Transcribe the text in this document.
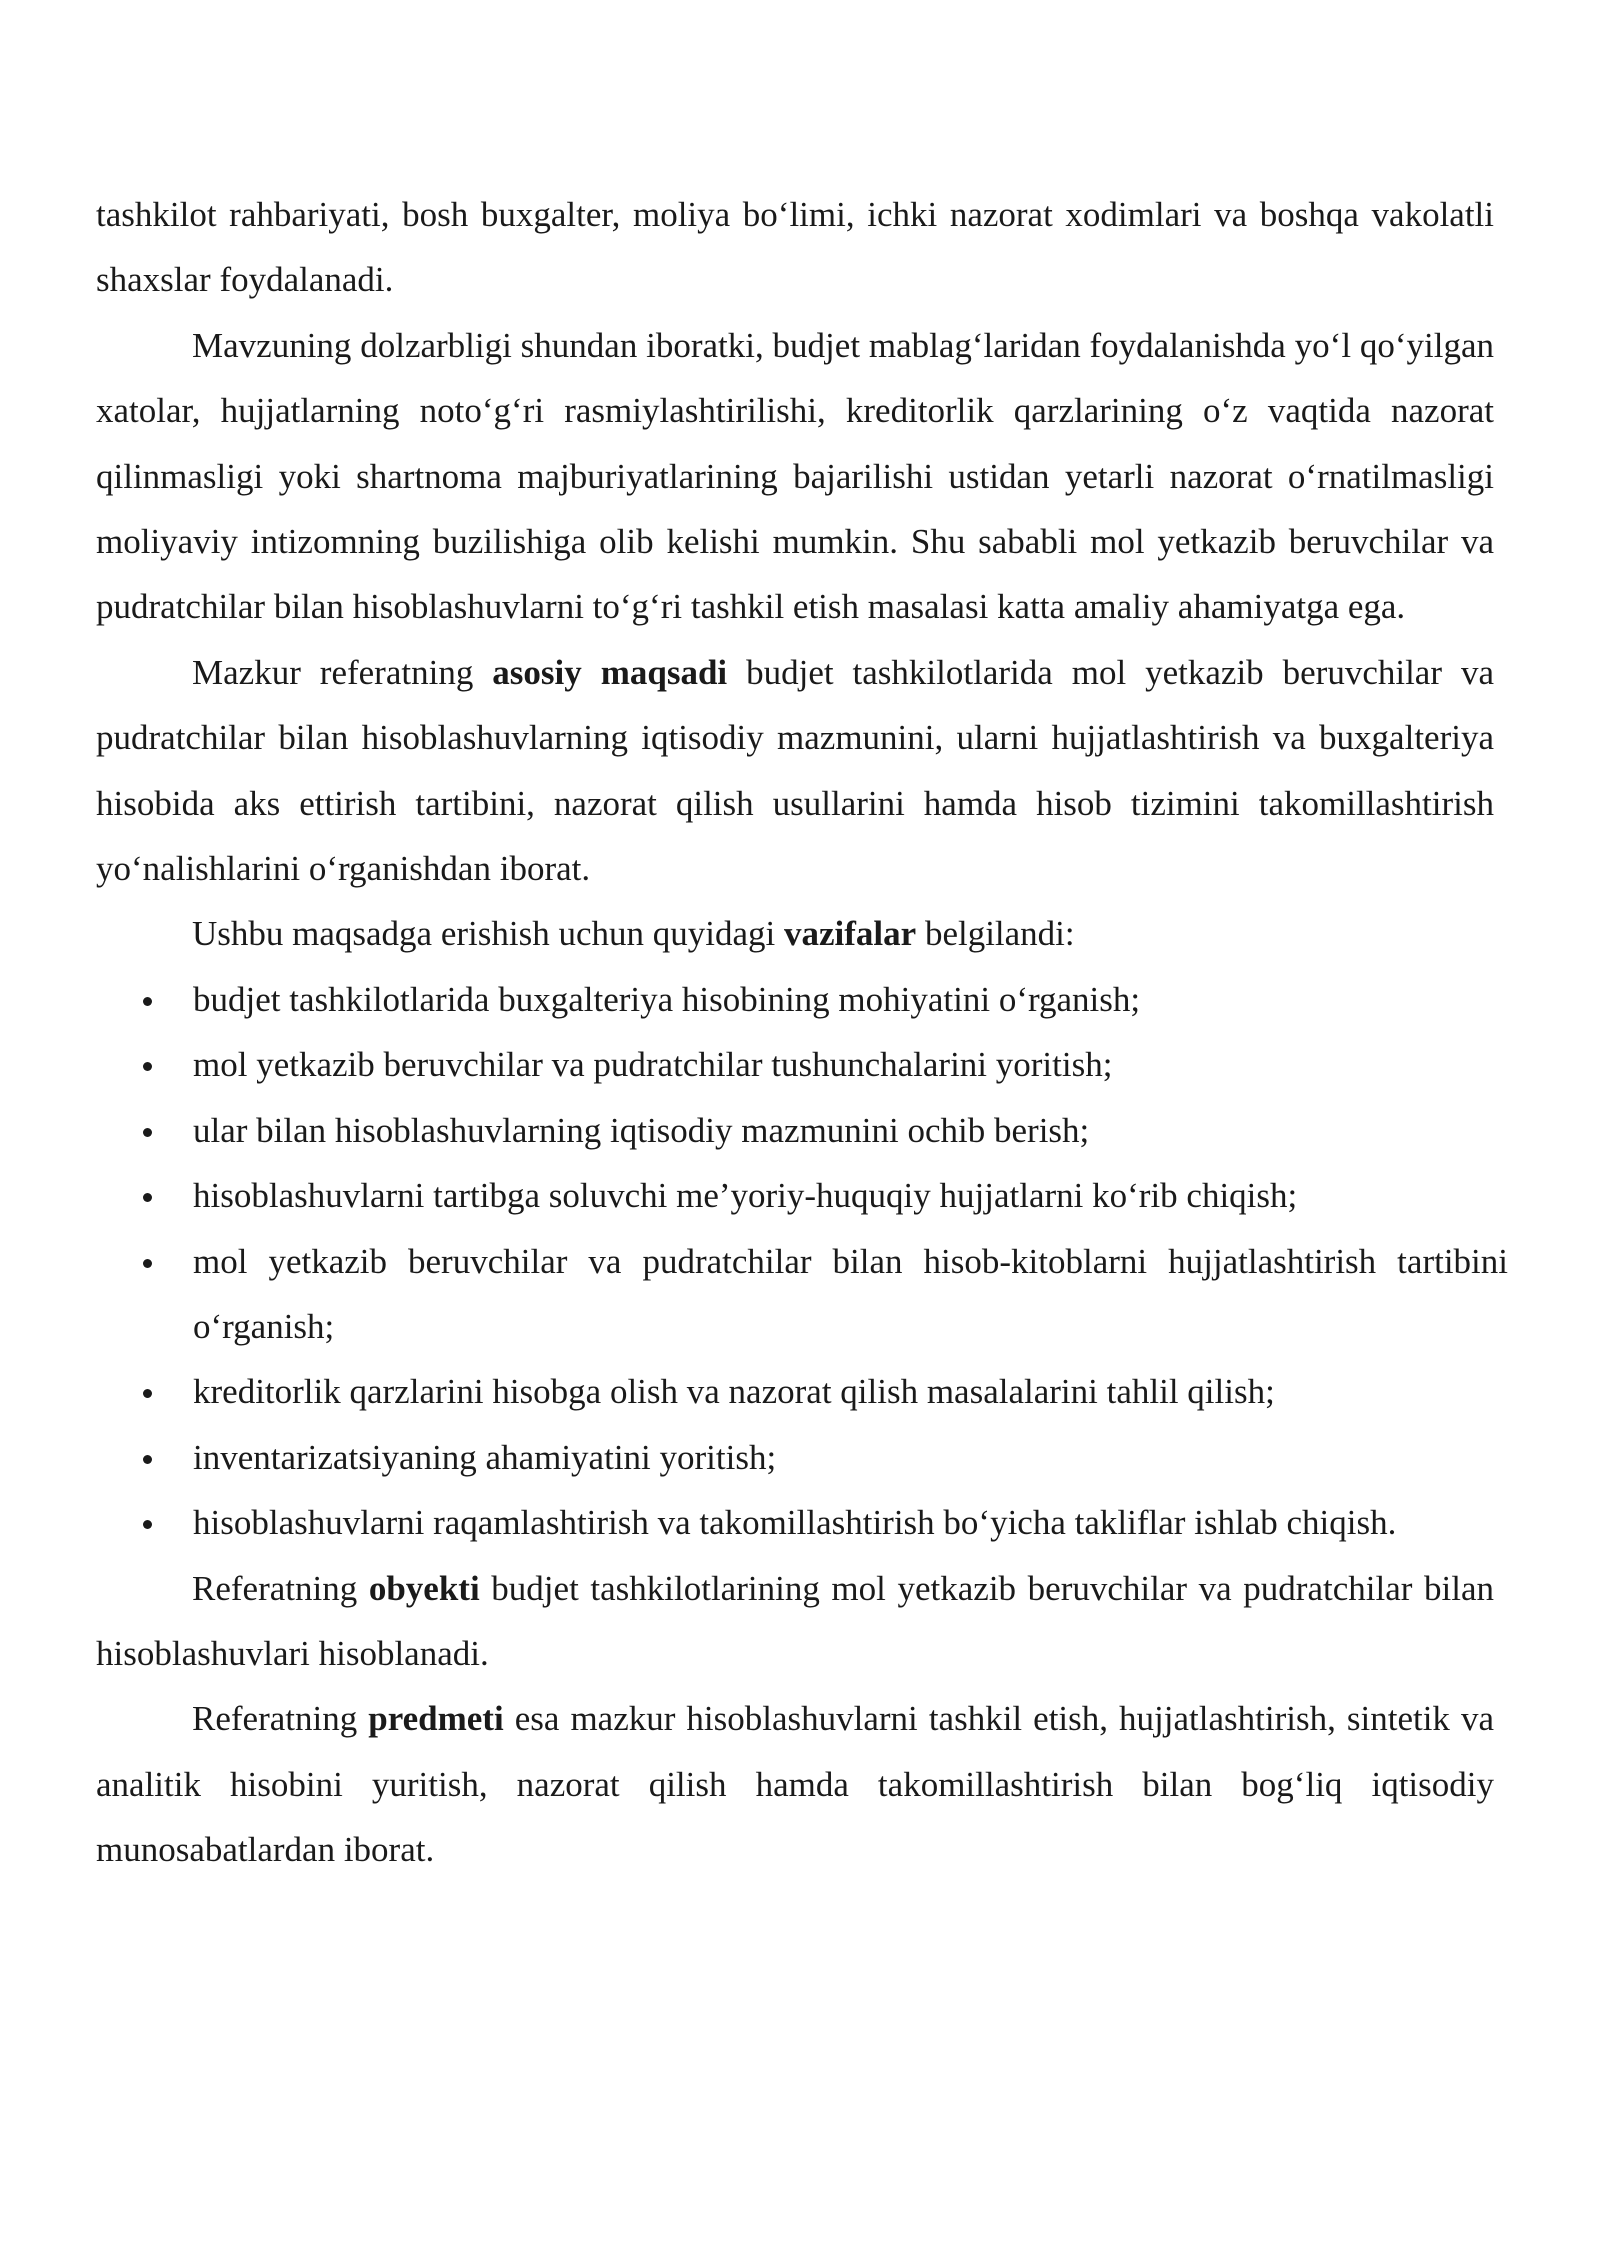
tashkilot rahbariyati, bosh buxgalter, moliya bo‘limi, ichki nazorat xodimlari va boshqa vakolatli shaxslar foydalanadi.

Mavzuning dolzarbligi shundan iboratki, budjet mablag‘laridan foydalanishda yo‘l qo‘yilgan xatolar, hujjatlarning noto‘g‘ri rasmiylashtirilishi, kreditorlik qarzlarining o‘z vaqtida nazorat qilinmasligi yoki shartnoma majburiyatlarining bajarilishi ustidan yetarli nazorat o‘rnatilmasligi moliyaviy intizomning buzilishiga olib kelishi mumkin. Shu sababli mol yetkazib beruvchilar va pudratchilar bilan hisoblashuvlarni to‘g‘ri tashkil etish masalasi katta amaliy ahamiyatga ega.

Mazkur referatning asosiy maqsadi budjet tashkilotlarida mol yetkazib beruvchilar va pudratchilar bilan hisoblashuvlarning iqtisodiy mazmunini, ularni hujjatlashtirish va buxgalteriya hisobida aks ettirish tartibini, nazorat qilish usullarini hamda hisob tizimini takomillashtirish yo‘nalishlarini o‘rganishdan iborat.

Ushbu maqsadga erishish uchun quyidagi vazifalar belgilandi:

budjet tashkilotlarida buxgalteriya hisobining mohiyatini o‘rganish;
mol yetkazib beruvchilar va pudratchilar tushunchalarini yoritish;
ular bilan hisoblashuvlarning iqtisodiy mazmunini ochib berish;
hisoblashuvlarni tartibga soluvchi me’yoriy-huquqiy hujjatlarni ko‘rib chiqish;
mol yetkazib beruvchilar va pudratchilar bilan hisob-kitoblarni hujjatlashtirish tartibini o‘rganish;
kreditorlik qarzlarini hisobga olish va nazorat qilish masalalarini tahlil qilish;
inventarizatsiyaning ahamiyatini yoritish;
hisoblashuvlarni raqamlashtirish va takomillashtirish bo‘yicha takliflar ishlab chiqish.

Referatning obyekti budjet tashkilotlarining mol yetkazib beruvchilar va pudratchilar bilan hisoblashuvlari hisoblanadi.

Referatning predmeti esa mazkur hisoblashuvlarni tashkil etish, hujjatlashtirish, sintetik va analitik hisobini yuritish, nazorat qilish hamda takomillashtirish bilan bog‘liq iqtisodiy munosabatlardan iborat.
